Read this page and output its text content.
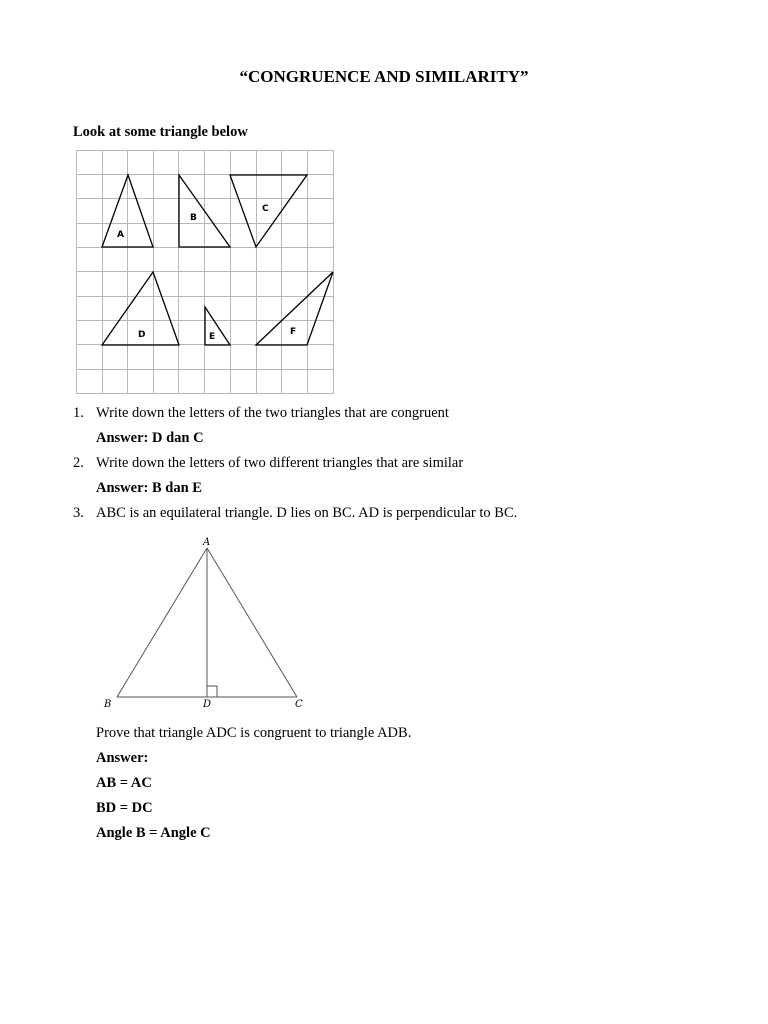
“CONGRUENCE AND SIMILARITY”
Look at some triangle below
A
B
C
D	E	F
1. Write down the letters of the two triangles that are congruent
Answer: D dan C
2. Write down the letters of two different triangles that are similar
Answer: B dan E
3. ABC is an equilateral triangle. D lies on BC. AD is perpendicular to BC.
A
B	D	C
Prove that triangle ADC is congruent to triangle ADB.
Answer:
AB = AC
BD = DC
Angle B = Angle C
